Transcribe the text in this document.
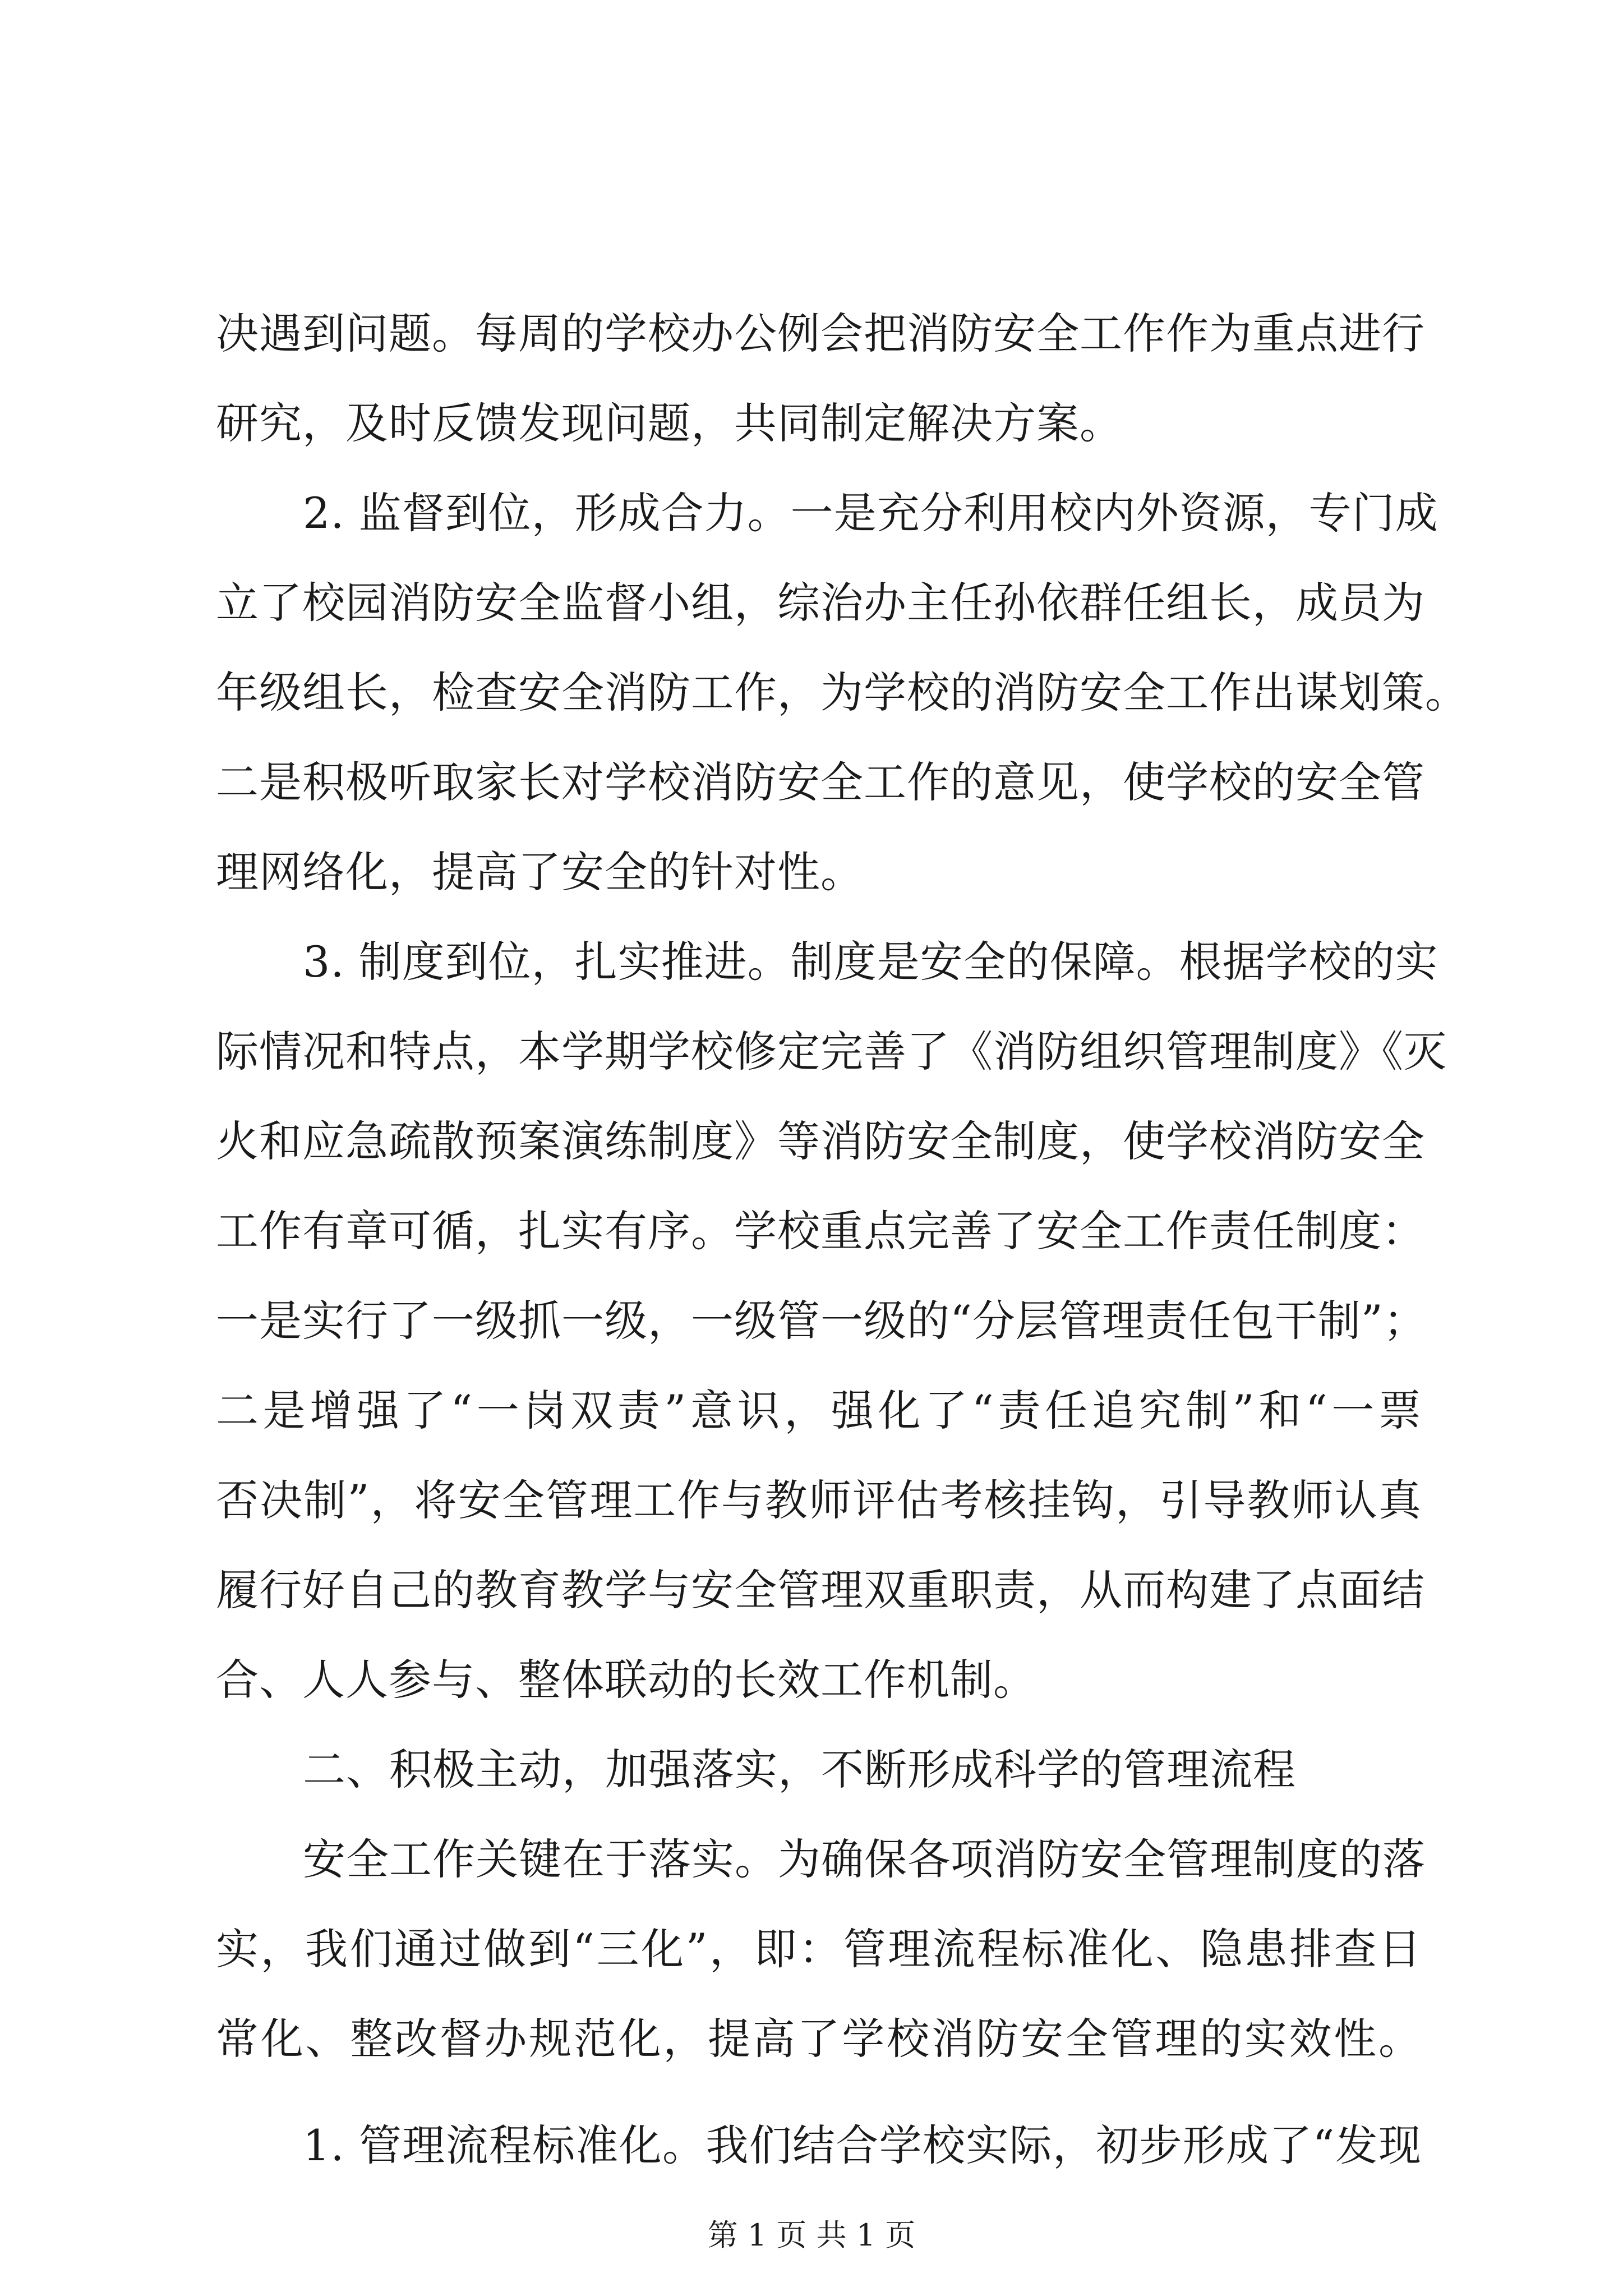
决遇到问题。每周的学校办公例会把消防安全工作作为重点进行
研究，及时反馈发现问题，共同制定解决方案。
2. 监督到位，形成合力。一是充分利用校内外资源，专门成
立了校园消防安全监督小组，综治办主任孙依群任组长，成员为
年级组长，检查安全消防工作，为学校的消防安全工作出谋划策。
二是积极听取家长对学校消防安全工作的意见，使学校的安全管
理网络化，提高了安全的针对性。
3. 制度到位，扎实推进。制度是安全的保障。根据学校的实
际情况和特点，本学期学校修定完善了《消防组织管理制度》《灭
火和应急疏散预案演练制度》等消防安全制度，使学校消防安全
工作有章可循，扎实有序。学校重点完善了安全工作责任制度：
一是实行了一级抓一级，一级管一级的“分层管理责任包干制”；
二是增强了“一岗双责”意识，强化了“责任追究制”和“一票
否决制”，将安全管理工作与教师评估考核挂钩，引导教师认真
履行好自己的教育教学与安全管理双重职责，从而构建了点面结
合、人人参与、整体联动的长效工作机制。
二、积极主动，加强落实，不断形成科学的管理流程
安全工作关键在于落实。为确保各项消防安全管理制度的落
实，我们通过做到“三化”，即：管理流程标准化、隐患排查日
常化、整改督办规范化，提高了学校消防安全管理的实效性。
1. 管理流程标准化。我们结合学校实际，初步形成了“发现
第 1 页 共 1 页
